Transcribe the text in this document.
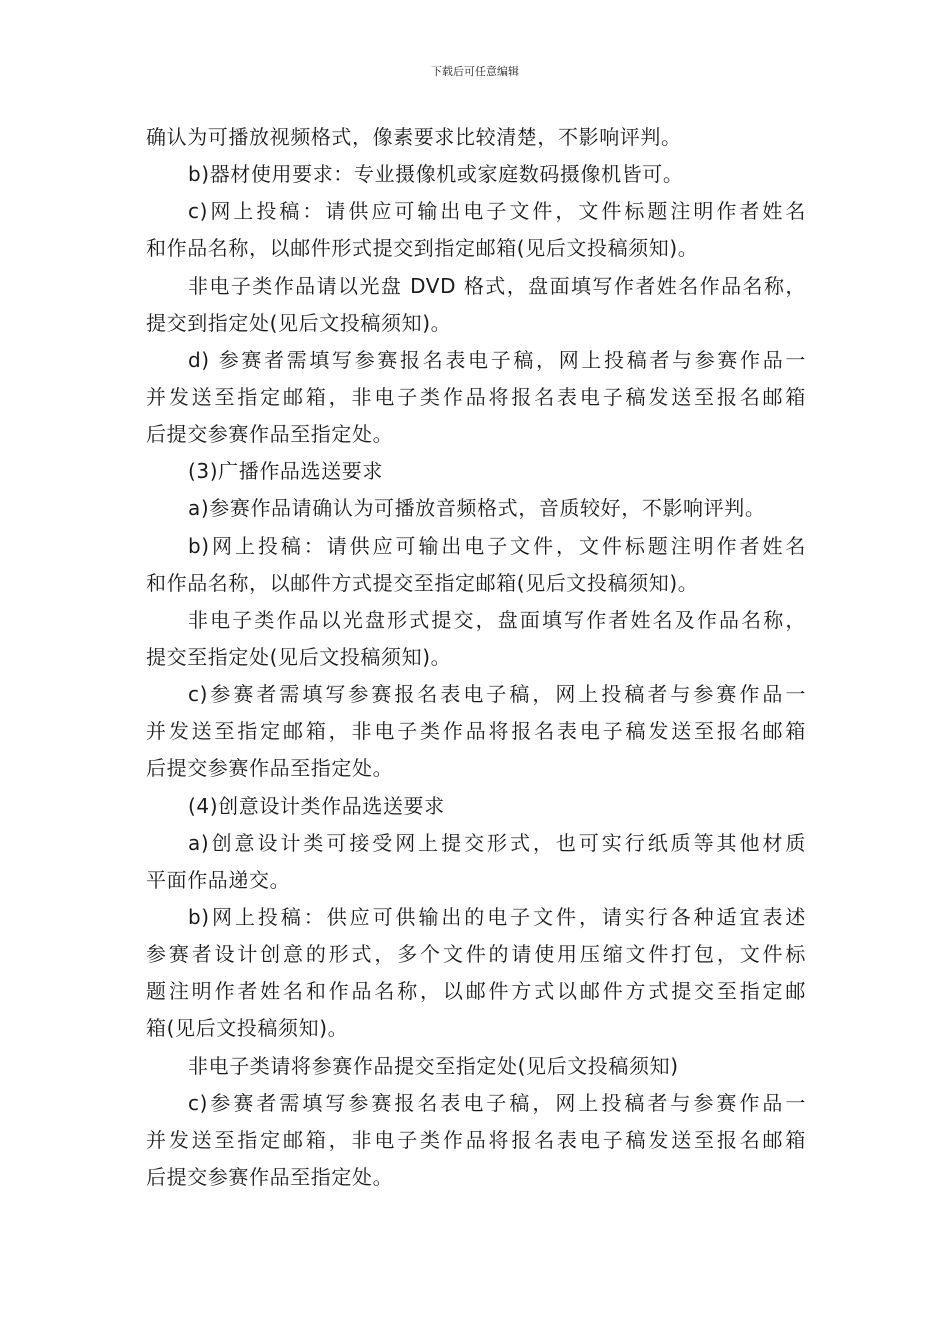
下载后可任意编辑
确认为可播放视频格式，像素要求比较清楚，不影响评判。
b)器材使用要求：专业摄像机或家庭数码摄像机皆可。
c)网上投稿：请供应可输出电子文件，文件标题注明作者姓名
和作品名称，以邮件形式提交到指定邮箱(见后文投稿须知)。
非电子类作品请以光盘 DVD 格式，盘面填写作者姓名作品名称，
提交到指定处(见后文投稿须知)。
d) 参赛者需填写参赛报名表电子稿，网上投稿者与参赛作品一
并发送至指定邮箱，非电子类作品将报名表电子稿发送至报名邮箱
后提交参赛作品至指定处。
(3)广播作品选送要求
a)参赛作品请确认为可播放音频格式，音质较好，不影响评判。
b)网上投稿：请供应可输出电子文件，文件标题注明作者姓名
和作品名称，以邮件方式提交至指定邮箱(见后文投稿须知)。
非电子类作品以光盘形式提交，盘面填写作者姓名及作品名称，
提交至指定处(见后文投稿须知)。
c)参赛者需填写参赛报名表电子稿，网上投稿者与参赛作品一
并发送至指定邮箱，非电子类作品将报名表电子稿发送至报名邮箱
后提交参赛作品至指定处。
(4)创意设计类作品选送要求
a)创意设计类可接受网上提交形式，也可实行纸质等其他材质
平面作品递交。
b)网上投稿：供应可供输出的电子文件，请实行各种适宜表述
参赛者设计创意的形式，多个文件的请使用压缩文件打包，文件标
题注明作者姓名和作品名称，以邮件方式以邮件方式提交至指定邮
箱(见后文投稿须知)。
非电子类请将参赛作品提交至指定处(见后文投稿须知)
c)参赛者需填写参赛报名表电子稿，网上投稿者与参赛作品一
并发送至指定邮箱，非电子类作品将报名表电子稿发送至报名邮箱
后提交参赛作品至指定处。
